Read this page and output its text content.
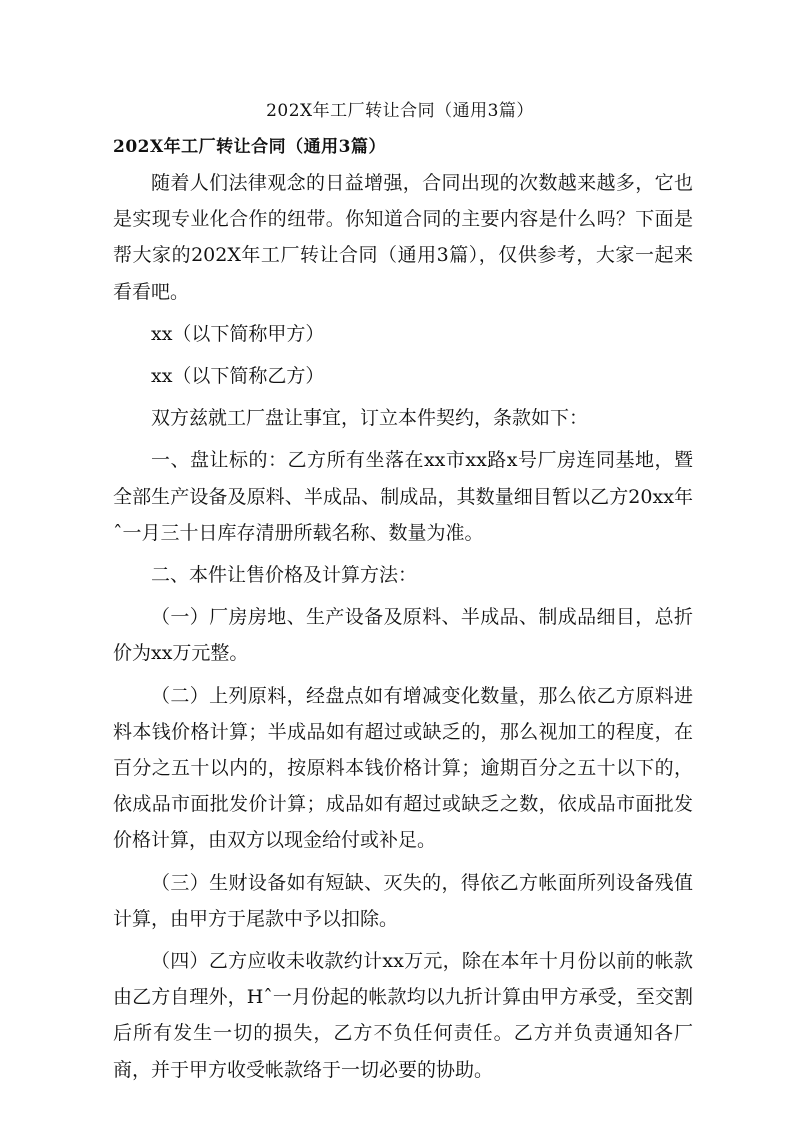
202X年工厂转让合同（通用3篇）

202X年工厂转让合同（通用3篇）

随着人们法律观念的日益增强，合同出现的次数越来越多，它也是实现专业化合作的纽带。你知道合同的主要内容是什么吗？下面是帮大家的202X年工厂转让合同（通用3篇），仅供参考，大家一起来看看吧。

xx（以下简称甲方）

xx（以下简称乙方）

双方兹就工厂盘让事宜，订立本件契约，条款如下：

一、盘让标的：乙方所有坐落在xx市xx路x号厂房连同基地，暨全部生产设备及原料、半成品、制成品，其数量细目暂以乙方20xx年ˆ一月三十日库存清册所载名称、数量为准。

二、本件让售价格及计算方法：

（一）厂房房地、生产设备及原料、半成品、制成品细目，总折价为xx万元整。

（二）上列原料，经盘点如有增减变化数量，那么依乙方原料进料本钱价格计算；半成品如有超过或缺乏的，那么视加工的程度，在百分之五十以内的，按原料本钱价格计算；逾期百分之五十以下的，依成品市面批发价计算；成品如有超过或缺乏之数，依成品市面批发价格计算，由双方以现金给付或补足。

（三）生财设备如有短缺、灭失的，得依乙方帐面所列设备残值计算，由甲方于尾款中予以扣除。

（四）乙方应收未收款约计xx万元，除在本年十月份以前的帐款由乙方自理外，Hˆ一月份起的帐款均以九折计算由甲方承受，至交割后所有发生一切的损失，乙方不负任何责任。乙方并负责通知各厂商，并于甲方收受帐款络于一切必要的协助。
